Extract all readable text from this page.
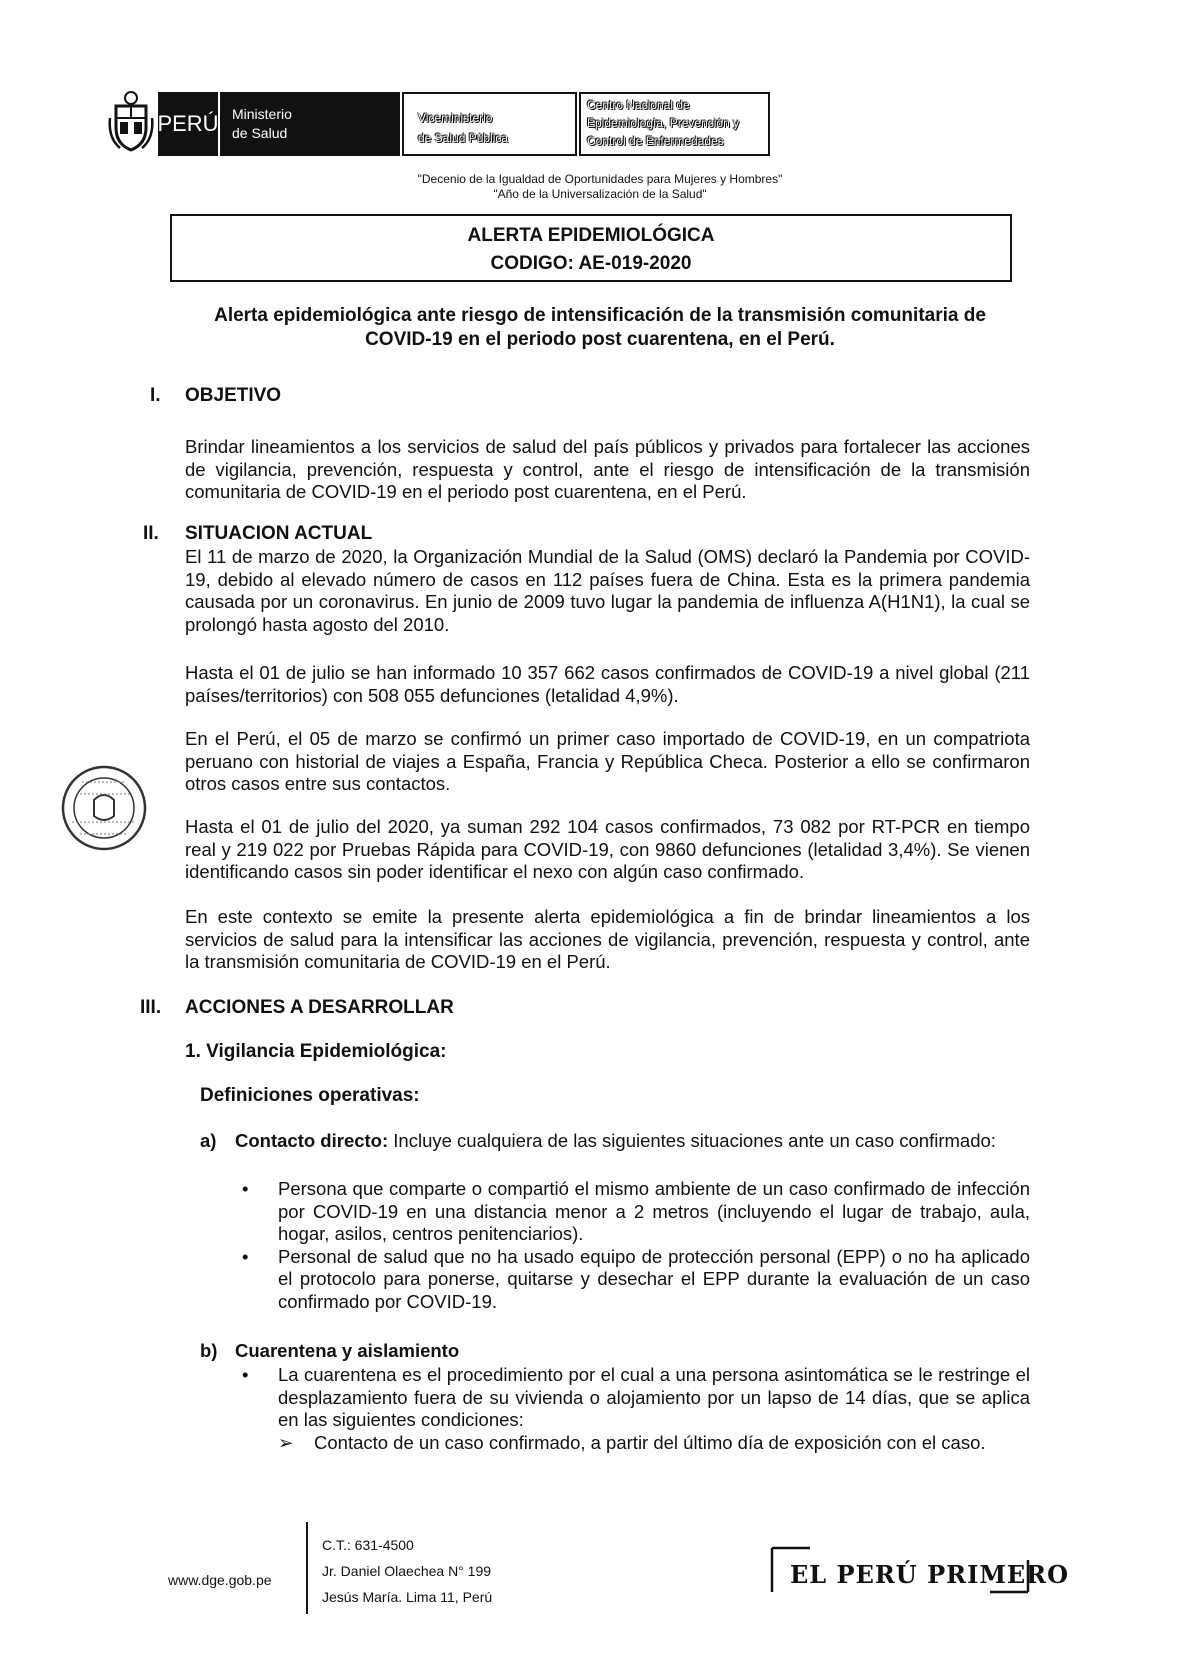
PERÚ Ministerio
de Salud
Viceministerio
de Salud Pública
Centro Nacional de
Epidemiología, Prevención y
Control de Enfermedades
"Decenio de la Igualdad de Oportunidades para Mujeres y Hombres"
"Año de la Universalización de la Salud"
ALERTA EPIDEMIOLÓGICA
CODIGO: AE-019-2020
Alerta epidemiológica ante riesgo de intensificación de la transmisión comunitaria de
COVID-19 en el periodo post cuarentena, en el Perú.
I. OBJETIVO
Brindar lineamientos a los servicios de salud del país públicos y privados para fortalecer las acciones de vigilancia, prevención, respuesta y control, ante el riesgo de intensificación de la transmisión comunitaria de COVID-19 en el periodo post cuarentena, en el Perú.
II. SITUACION ACTUAL
El 11 de marzo de 2020, la Organización Mundial de la Salud (OMS) declaró la Pandemia por COVID-19, debido al elevado número de casos en 112 países fuera de China. Esta es la primera pandemia causada por un coronavirus. En junio de 2009 tuvo lugar la pandemia de influenza A(H1N1), la cual se prolongó hasta agosto del 2010.
Hasta el 01 de julio se han informado 10 357 662 casos confirmados de COVID-19 a nivel global (211 países/territorios) con 508 055 defunciones (letalidad 4,9%).
En el Perú, el 05 de marzo se confirmó un primer caso importado de COVID-19, en un compatriota peruano con historial de viajes a España, Francia y República Checa. Posterior a ello se confirmaron otros casos entre sus contactos.
Hasta el 01 de julio del 2020, ya suman 292 104 casos confirmados, 73 082 por RT-PCR en tiempo real y 219 022 por Pruebas Rápida para COVID-19, con 9860 defunciones (letalidad 3,4%). Se vienen identificando casos sin poder identificar el nexo con algún caso confirmado.
En este contexto se emite la presente alerta epidemiológica a fin de brindar lineamientos a los servicios de salud para la intensificar las acciones de vigilancia, prevención, respuesta y control, ante la transmisión comunitaria de COVID-19 en el Perú.
III. ACCIONES A DESARROLLAR
1. Vigilancia Epidemiológica:
Definiciones operativas:
a) Contacto directo: Incluye cualquiera de las siguientes situaciones ante un caso confirmado:
• Persona que comparte o compartió el mismo ambiente de un caso confirmado de infección por COVID-19 en una distancia menor a 2 metros (incluyendo el lugar de trabajo, aula, hogar, asilos, centros penitenciarios).
• Personal de salud que no ha usado equipo de protección personal (EPP) o no ha aplicado el protocolo para ponerse, quitarse y desechar el EPP durante la evaluación de un caso confirmado por COVID-19.
b) Cuarentena y aislamiento
• La cuarentena es el procedimiento por el cual a una persona asintomática se le restringe el desplazamiento fuera de su vivienda o alojamiento por un lapso de 14 días, que se aplica en las siguientes condiciones:
➢ Contacto de un caso confirmado, a partir del último día de exposición con el caso.
www.dge.gob.pe
C.T.: 631-4500
Jr. Daniel Olaechea N° 199
Jesús María. Lima 11, Perú
EL PERÚ PRIMERO
